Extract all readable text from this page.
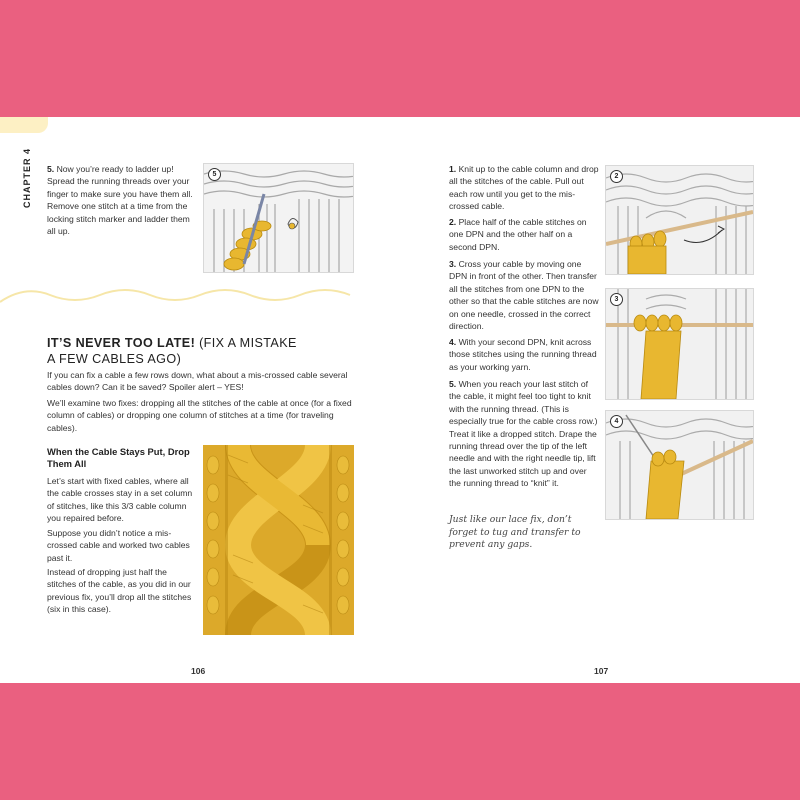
CHAPTER 4 5. Now you’re ready to ladder up! Spread the running threads over your finger to make sure you have them all. Remove one stitch at a time from the locking stitch marker and ladder them all up.
5
IT’S NEVER TOO LATE! (FIX A MISTAKE A FEW CABLES AGO)
If you can fix a cable a few rows down, what about a mis-crossed cable several cables down? Can it be saved? Spoiler alert – YES!
We’ll examine two fixes: dropping all the stitches of the cable at once (for a fixed column of cables) or dropping one column of stitches at a time (for traveling cables).
When the Cable Stays Put, Drop Them All
Let’s start with fixed cables, where all the cable crosses stay in a set column of stitches, like this 3/3 cable column you repaired before.
Suppose you didn’t notice a mis-crossed cable and worked two cables past it.
Instead of dropping just half the stitches of the cable, as you did in our previous fix, you’ll drop all the stitches (six in this case).
106
1. Knit up to the cable column and drop all the stitches of the cable. Pull out each row until you get to the mis-crossed cable.
2. Place half of the cable stitches on one DPN and the other half on a second DPN.
3. Cross your cable by moving one DPN in front of the other. Then transfer all the stitches from one DPN to the other so that the cable stitches are now on one needle, crossed in the correct direction.
4. With your second DPN, knit across those stitches using the running thread as your working yarn.
5. When you reach your last stitch of the cable, it might feel too tight to knit with the running thread. (This is especially true for the cable cross row.) Treat it like a dropped stitch. Drape the running thread over the tip of the left needle and with the right needle tip, lift the last unworked stitch up and over the running thread to “knit” it.
Just like our lace fix, don’t forget to tug and transfer to prevent any gaps.
2
3
4
107
